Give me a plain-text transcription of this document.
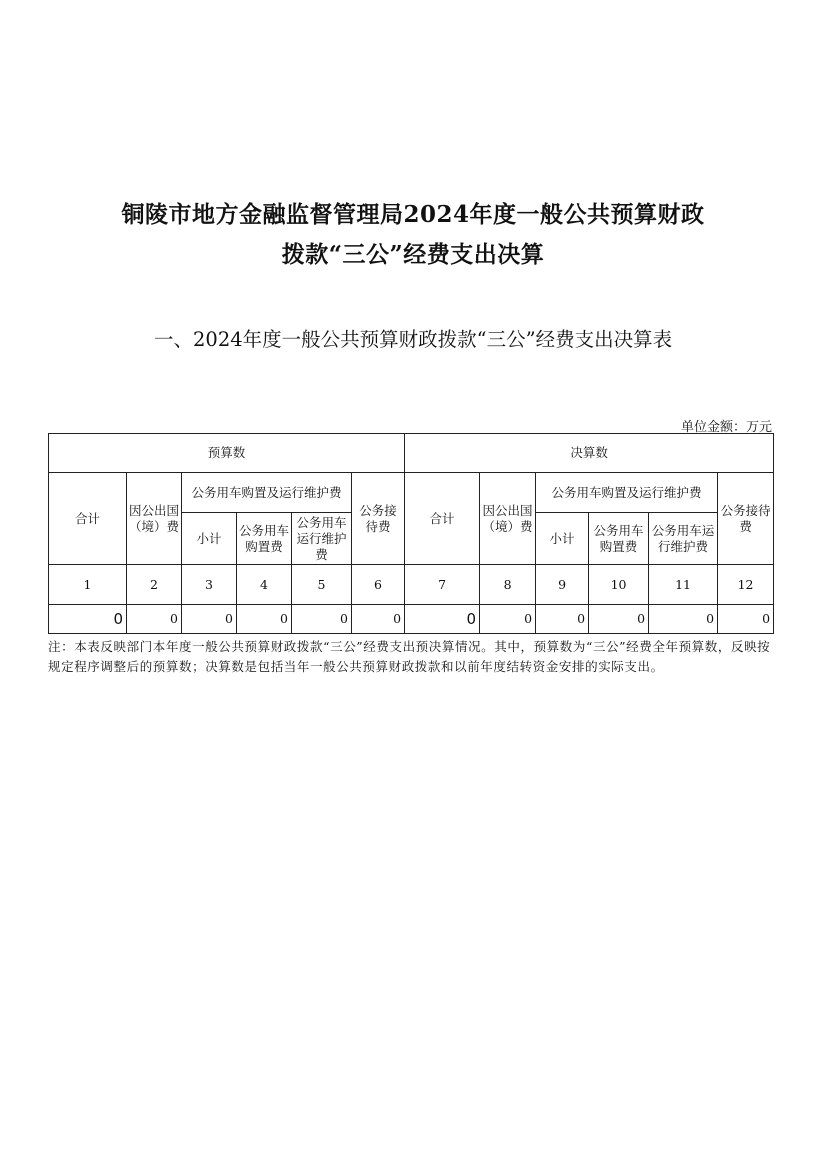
铜陵市地方金融监督管理局2024年度一般公共预算财政
拨款“三公”经费支出决算

一、2024年度一般公共预算财政拨款“三公”经费支出决算表

单位金额：万元

预算数						决算数					
合计	因公出国（境）费	公务用车购置及运行维护费			公务接待费	合计	因公出国（境）费	公务用车购置及运行维护费			公务接待费
		小计	公务用车购置费	公务用车运行维护费				小计	公务用车购置费	公务用车运行维护费	
1	2	3	4	5	6	7	8	9	10	11	12
0	0	0	0	0	0	0	0	0	0	0	0

注：本表反映部门本年度一般公共预算财政拨款“三公”经费支出预决算情况。其中，预算数为“三公”经费全年预算数，反映按规定程序调整后的预算数；决算数是包括当年一般公共预算财政拨款和以前年度结转资金安排的实际支出。
